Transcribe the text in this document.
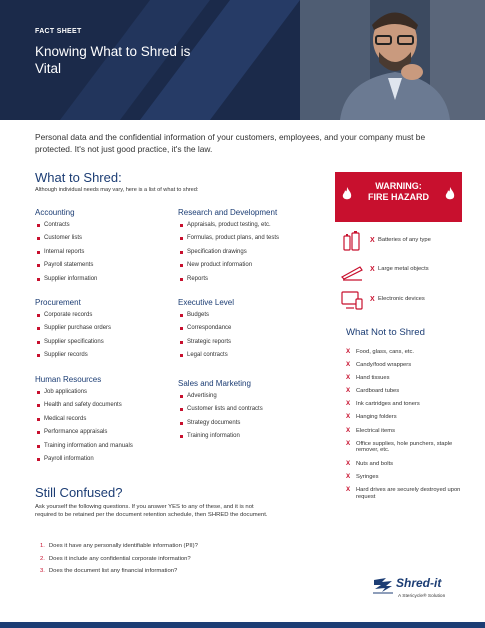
FACT SHEET
Knowing What to Shred is Vital
Personal data and the confidential information of your customers, employees, and your company must be protected. It's not just good practice, it's the law.
What to Shred:
Although individual needs may vary, here is a list of what to shred:
Accounting
Contracts
Customer lists
Internal reports
Payroll statements
Supplier information
Procurement
Corporate records
Supplier purchase orders
Supplier specifications
Supplier records
Human Resources
Job applications
Health and safety documents
Medical records
Performance appraisals
Training information and manuals
Payroll information
Research and Development
Appraisals, product testing, etc.
Formulas, product plans, and tests
Specification drawings
New product information
Reports
Executive Level
Budgets
Correspondance
Strategic reports
Legal contracts
Sales and Marketing
Advertising
Customer lists and contracts
Strategy documents
Training information
WARNING:
FIRE HAZARD
X Batteries of any type
X Large metal objects
X Electronic devices
What Not to Shred
X Food, glass, cans, etc.
X Candy/food wrappers
X Hand tissues
X Cardboard tubes
X Ink cartridges and toners
X Hanging folders
X Electrical items
X Office supplies, hole punchers, staple remover, etc.
X Nuts and bolts
X Syringes
X Hard drives are securely destroyed upon request
Still Confused?
Ask yourself the following questions. If you answer YES to any of these, and it is not required to be retained per the document retention schedule, then SHRED the document.
1. Does it have any personally identifiable information (PII)?
2. Does it include any confidential corporate information?
3. Does the document list any financial information?
Shred-it
A Stericycle® Solution
